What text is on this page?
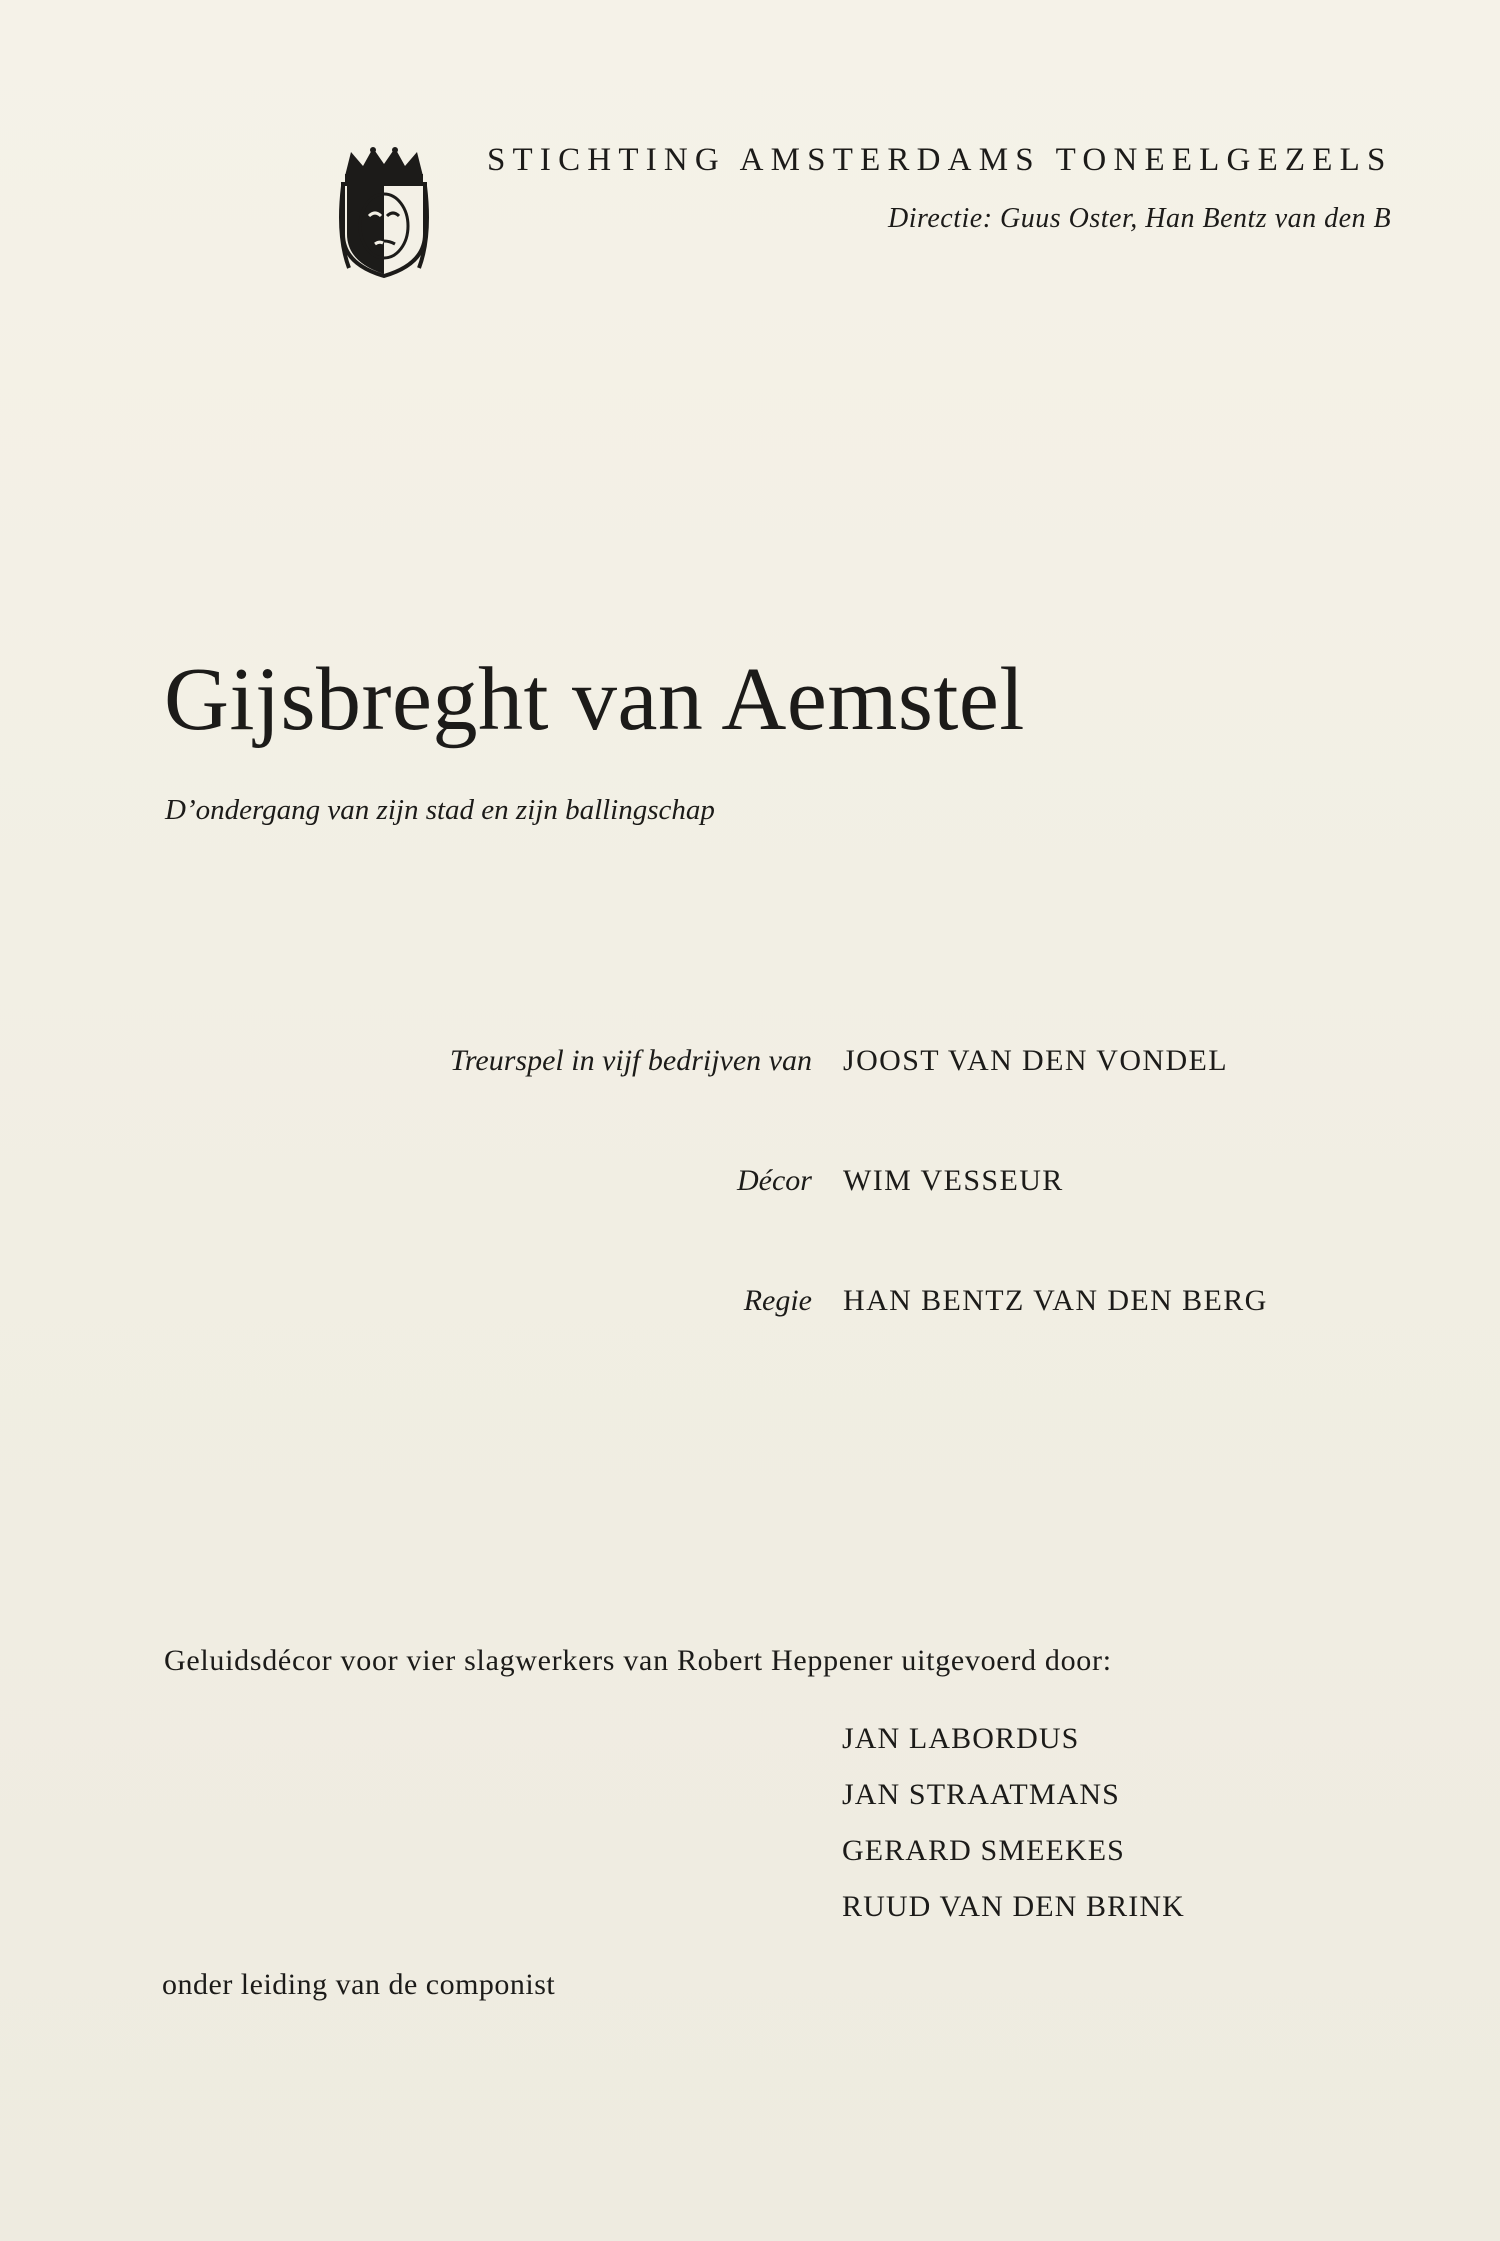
STICHTING AMSTERDAMS TONEELGEZELS
Directie: Guus Oster, Han Bentz van den B
Gijsbreght van Aemstel
D’ondergang van zijn stad en zijn ballingschap
Treurspel in vijf bedrijven van JOOST VAN DEN VONDEL
Décor WIM VESSEUR
Regie HAN BENTZ VAN DEN BERG
Geluidsdécor voor vier slagwerkers van Robert Heppener uitgevoerd door:
JAN LABORDUS
JAN STRAATMANS
GERARD SMEEKES
RUUD VAN DEN BRINK
onder leiding van de componist
